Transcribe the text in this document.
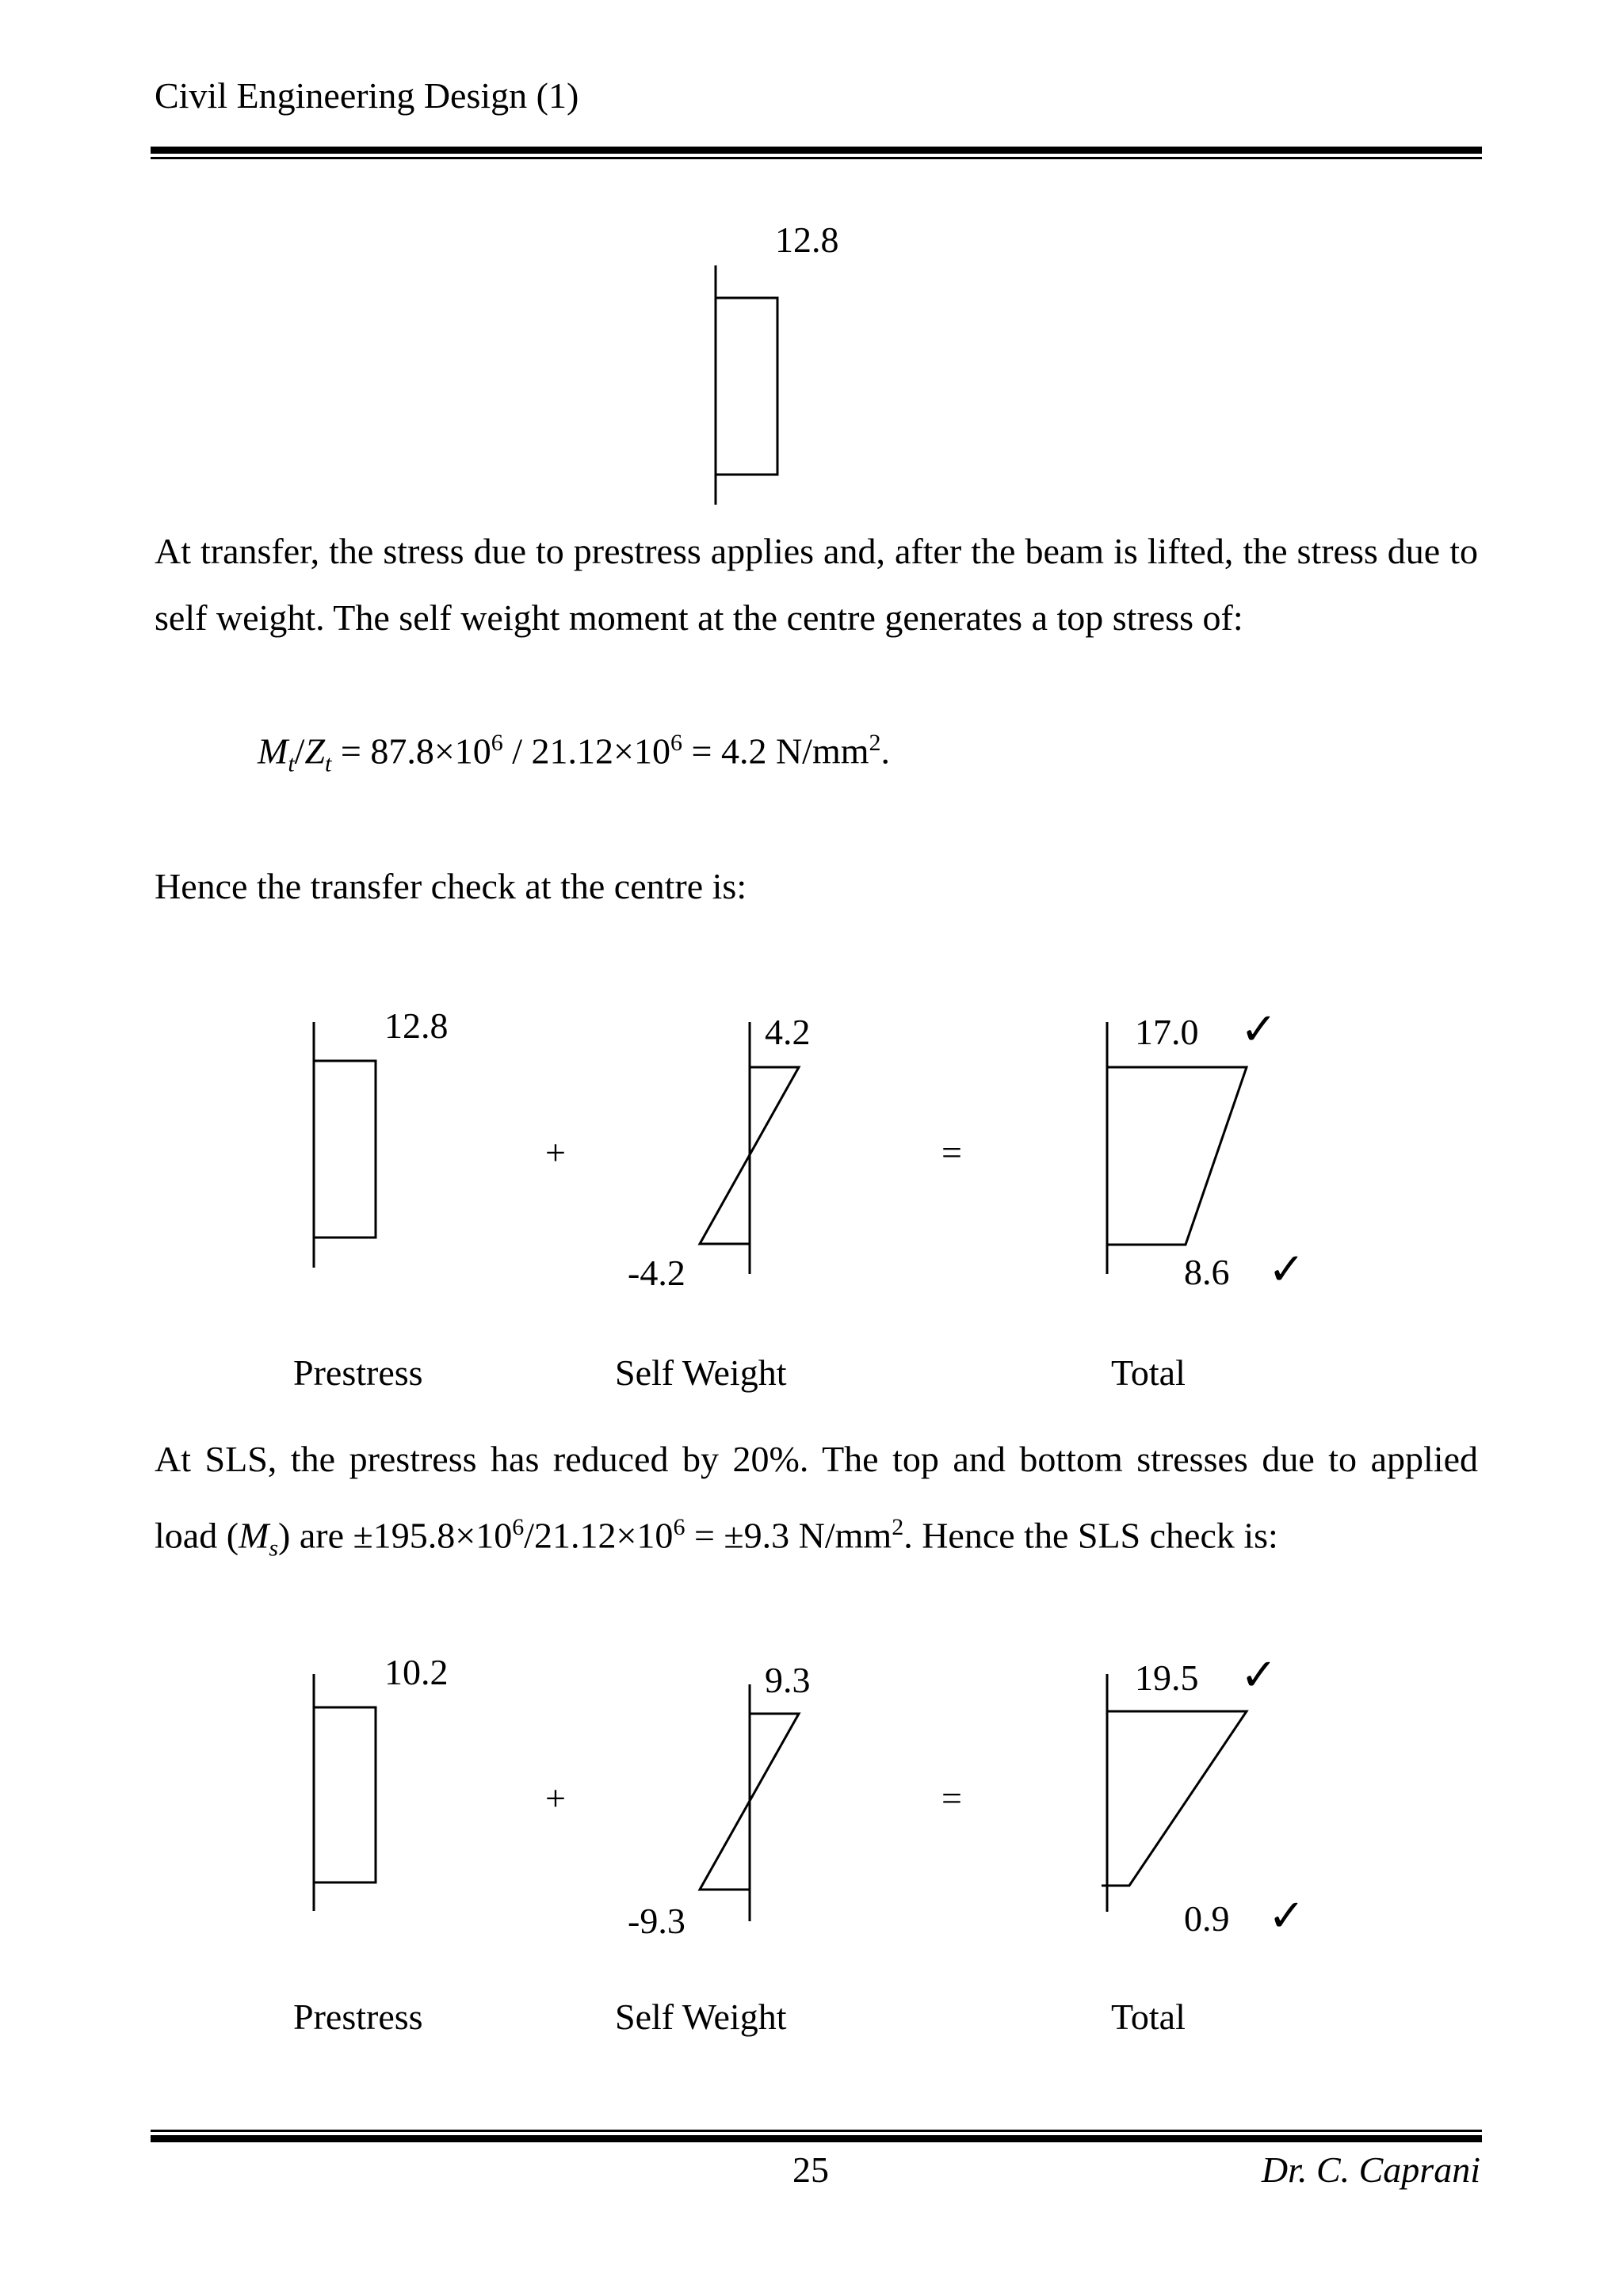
Civil Engineering Design (1)
12.8
12.8
+
4.2
-4.2
=
17.0
8.6
✓
✓
10.2
+
9.3
-9.3
=
19.5
0.9
✓
✓
At transfer, the stress due to prestress applies and, after the beam is lifted, the stress due to self weight. The self weight moment at the centre generates a top stress of:
$M_t/Z_t = 87.8\times 10^6 / 21.12\times 10^6 = 4.2$ $N/mm^2$.
Hence the transfer check at the centre is:
Prestress	Self Weight	Total
At SLS, the prestress has reduced by 20%. The top and bottom stresses due to applied
load $(M_s)$ are $\pm 195.8\times 10^6/21.12\times 10^6 = \pm 9.3$ $N/mm^2$. Hence the SLS check is:
Prestress	Self Weight	Total
25	Dr. C. Caprani
